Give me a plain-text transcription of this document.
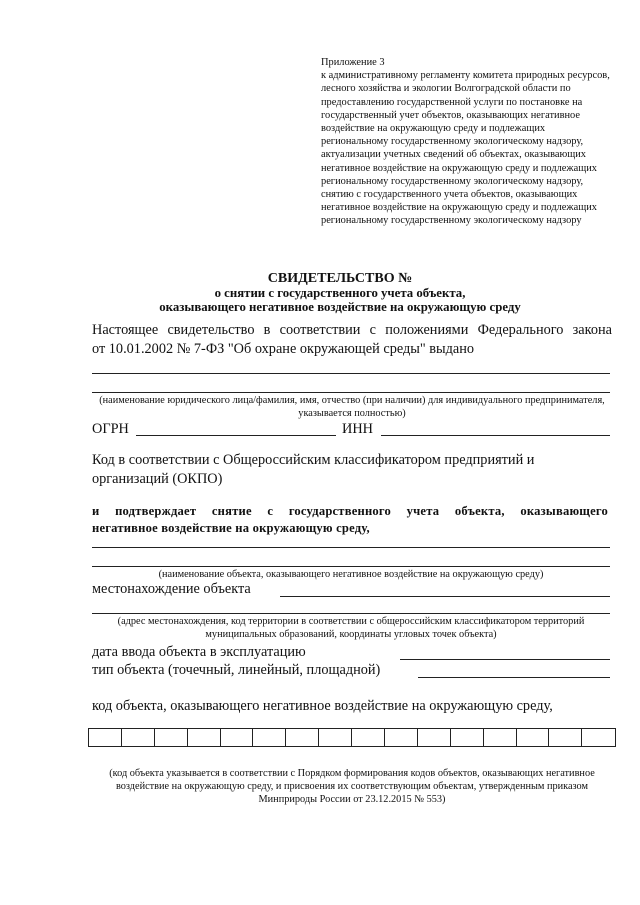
Приложение 3
к административному регламенту комитета природных ресурсов, лесного хозяйства и экологии Волгоградской области по предоставлению государственной услуги по постановке на государственный учет объектов, оказывающих негативное воздействие на окружающую среду и подлежащих региональному государственному экологическому надзору, актуализации учетных сведений об объектах, оказывающих негативное воздействие на окружающую среду и подлежащих региональному государственному экологическому надзору, снятию с государственного учета объектов, оказывающих негативное воздействие на окружающую среду и подлежащих региональному государственному экологическому надзору
СВИДЕТЕЛЬСТВО №
о снятии с государственного учета объекта,
оказывающего негативное воздействие на окружающую среду
Настоящее свидетельство в соответствии с положениями Федерального закона
от 10.01.2002 № 7-ФЗ "Об охране окружающей среды" выдано
(наименование юридического лица/фамилия, имя, отчество (при наличии) для индивидуального предпринимателя, указывается полностью)
ОГРН	ИНН
Код в соответствии с Общероссийским классификатором предприятий и
организаций (ОКПО)
и подтверждает снятие с государственного учета объекта, оказывающего
негативное воздействие на окружающую среду,
(наименование объекта, оказывающего негативное воздействие на окружающую среду)
местонахождение объекта
(адрес местонахождения, код территории в соответствии с общероссийским классификатором территорий муниципальных образований, координаты угловых точек объекта)
дата ввода объекта в эксплуатацию
тип объекта (точечный, линейный, площадной)
код объекта, оказывающего негативное воздействие на окружающую среду,
(код объекта указывается в соответствии с Порядком формирования кодов объектов, оказывающих негативное воздействие на окружающую среду, и присвоения их соответствующим объектам, утвержденным приказом Минприроды России от 23.12.2015 № 553)
